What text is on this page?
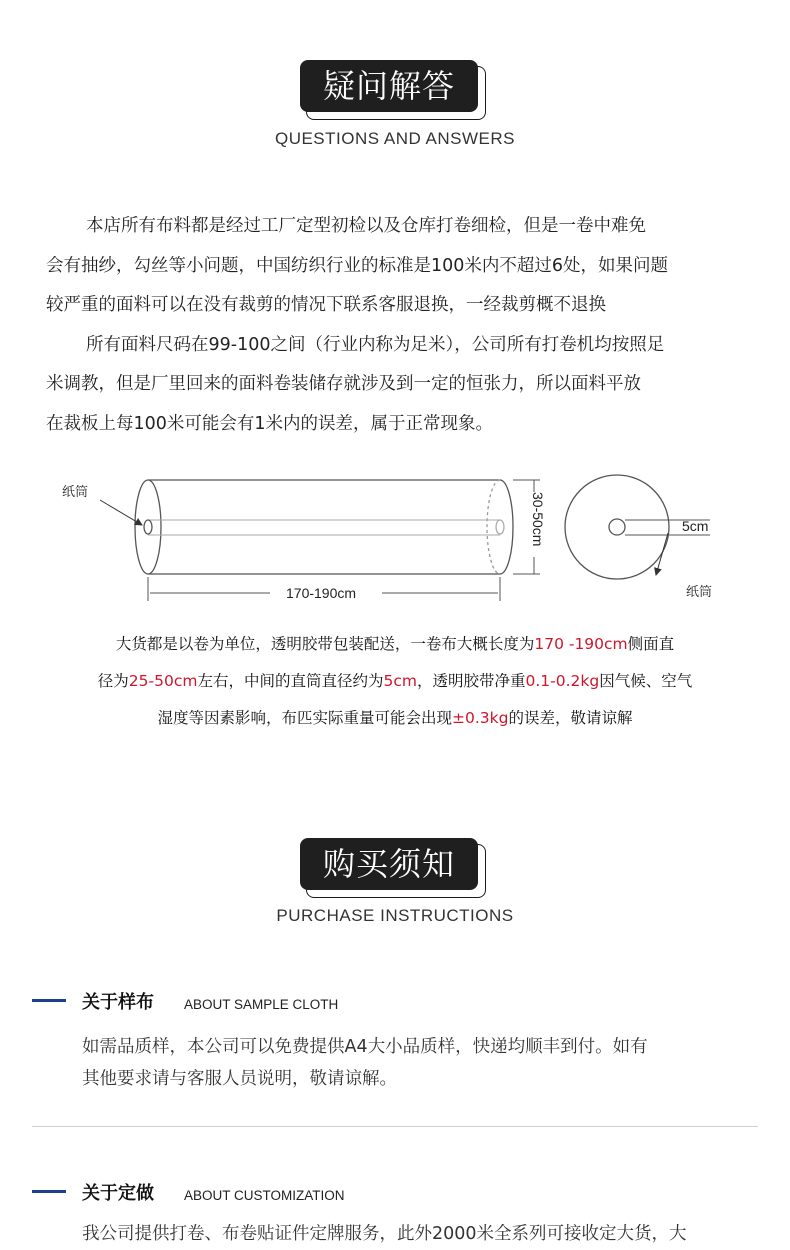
疑问解答
QUESTIONS AND ANSWERS

本店所有布料都是经过工厂定型初检以及仓库打卷细检，但是一卷中难免

会有抽纱，勾丝等小问题，中国纺织行业的标准是100米内不超过6处，如果问题

较严重的面料可以在没有裁剪的情况下联系客服退换，一经裁剪概不退换

所有面料尺码在99-100之间（行业内称为足米），公司所有打卷机均按照足

米调教，但是厂里回来的面料卷装储存就涉及到一定的恒张力，所以面料平放

在裁板上每100米可能会有1米内的误差，属于正常现象。

纸筒
170-190cm
30-50cm	5cm
纸筒

大货都是以卷为单位，透明胶带包装配送，一卷布大概长度为170 -190cm侧面直

径为25-50cm左右，中间的直筒直径约为5cm，透明胶带净重0.1-0.2kg因气候、空气

湿度等因素影响，布匹实际重量可能会出现±0.3kg的误差，敬请谅解

购买须知
PURCHASE INSTRUCTIONS
关于样布 ABOUT SAMPLE CLOTH

如需品质样，本公司可以免费提供A4大小品质样，快递均顺丰到付。如有

其他要求请与客服人员说明，敬请谅解。

关于定做 ABOUT CUSTOMIZATION

我公司提供打卷、布卷贴证件定牌服务，此外2000米全系列可接收定大货，大
